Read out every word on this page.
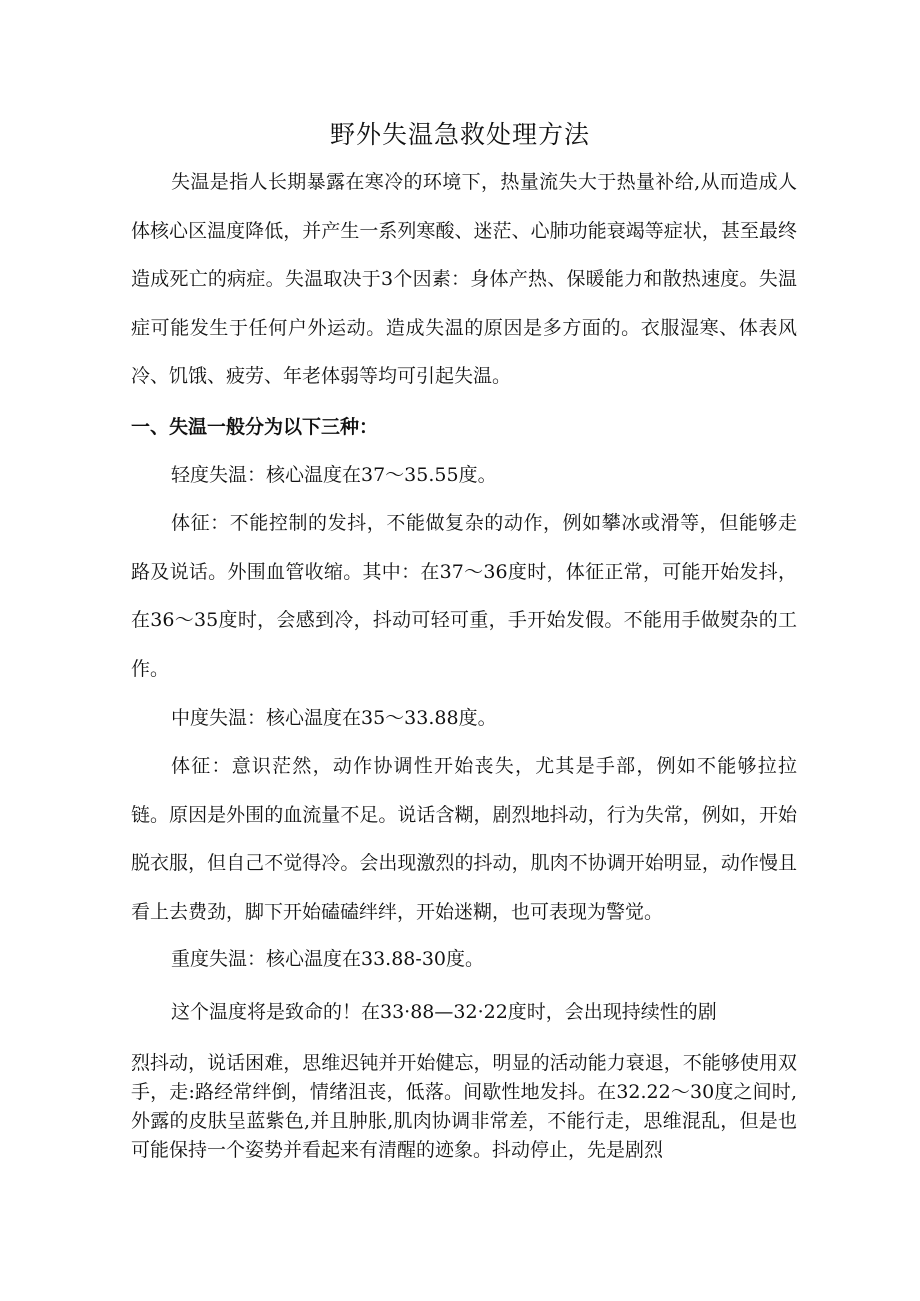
野外失温急救处理方法

失温是指人长期暴露在寒冷的环境下，热量流失大于热量补给,从而造成人体核心区温度降低，并产生一系列寒酸、迷茫、心肺功能衰竭等症状，甚至最终造成死亡的病症。失温取决于3个因素：身体产热、保暖能力和散热速度。失温症可能发生于任何户外运动。造成失温的原因是多方面的。衣服湿寒、体表风冷、饥饿、疲劳、年老体弱等均可引起失温。

一、失温一般分为以下三种：

轻度失温：核心温度在37～35.55度。

体征：不能控制的发抖，不能做复杂的动作，例如攀冰或滑等，但能够走路及说话。外围血管收缩。其中：在37～36度时，体征正常，可能开始发抖，在36～35度时，会感到冷，抖动可轻可重，手开始发假。不能用手做熨杂的工作。

中度失温：核心温度在35～33.88度。

体征：意识茫然，动作协调性开始丧失，尤其是手部，例如不能够拉拉链。原因是外围的血流量不足。说话含糊，剧烈地抖动，行为失常，例如，开始脱衣服，但自己不觉得冷。会出现激烈的抖动，肌肉不协调开始明显，动作慢且看上去费劲，脚下开始磕磕绊绊，开始迷糊，也可表现为警觉。

重度失温：核心温度在33.88-30度。

这个温度将是致命的！在33·88—32·22度时，会出现持续性的剧

烈抖动，说话困难，思维迟钝并开始健忘，明显的活动能力衰退，不能够使用双手，走:路经常绊倒，情绪沮丧，低落。间歇性地发抖。在32.22～30度之间时,外露的皮肤呈蓝紫色,并且肿胀,肌肉协调非常差，不能行走，思维混乱，但是也可能保持一个姿势并看起来有清醒的迹象。抖动停止，先是剧烈
